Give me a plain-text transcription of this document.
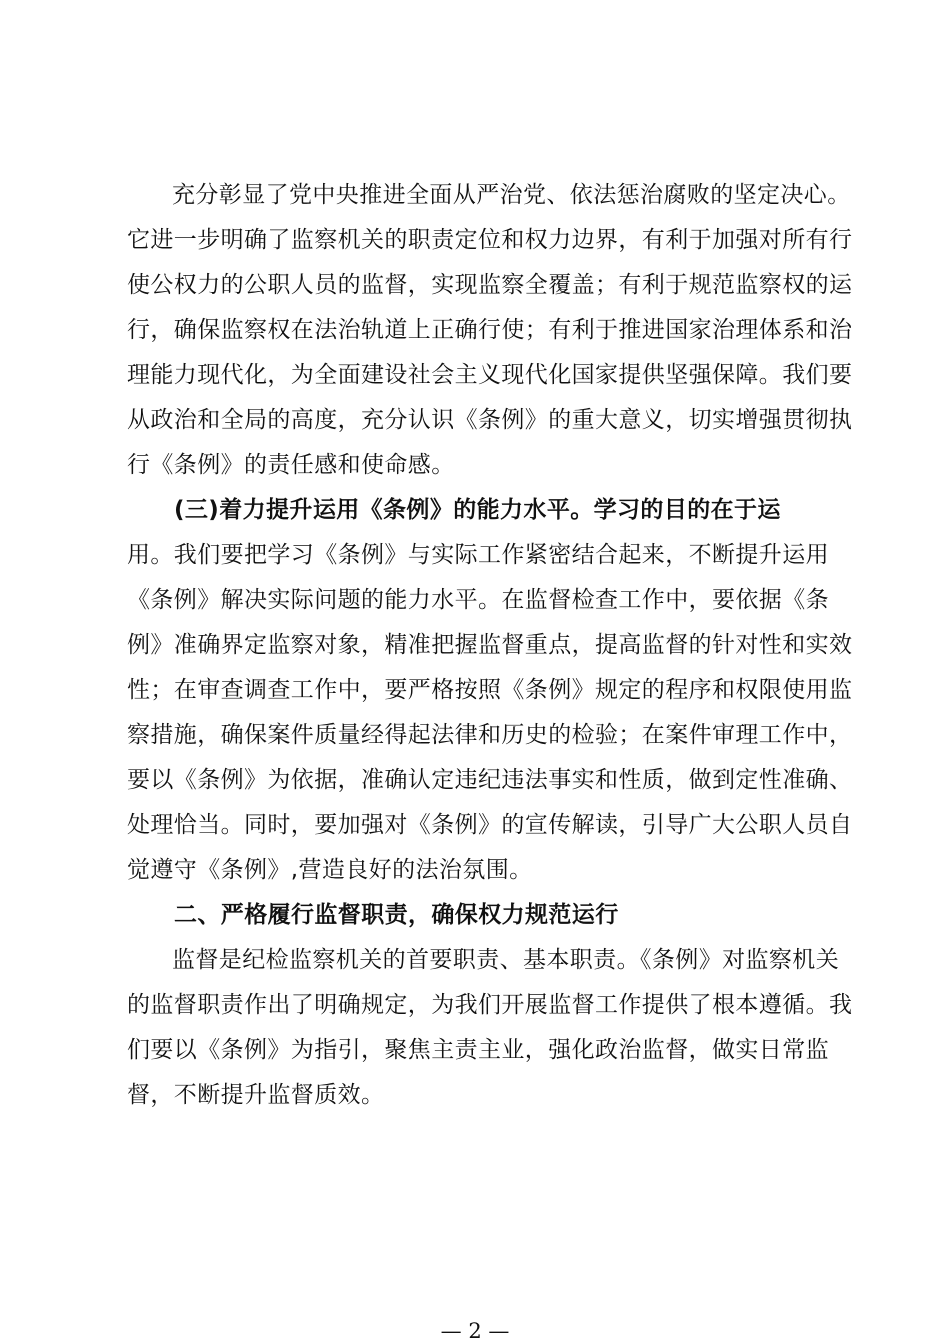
充分彰显了党中央推进全面从严治党、依法惩治腐败的坚定决心。
它进一步明确了监察机关的职责定位和权力边界，有利于加强对所有行
使公权力的公职人员的监督，实现监察全覆盖；有利于规范监察权的运
行，确保监察权在法治轨道上正确行使；有利于推进国家治理体系和治
理能力现代化，为全面建设社会主义现代化国家提供坚强保障。我们要
从政治和全局的高度，充分认识《条例》的重大意义，切实增强贯彻执
行《条例》的责任感和使命感。
(三)着力提升运用《条例》的能力水平。学习的目的在于运
用。我们要把学习《条例》与实际工作紧密结合起来，不断提升运用
《条例》解决实际问题的能力水平。在监督检查工作中，要依据《条
例》准确界定监察对象，精准把握监督重点，提高监督的针对性和实效
性；在审查调查工作中，要严格按照《条例》规定的程序和权限使用监
察措施，确保案件质量经得起法律和历史的检验；在案件审理工作中，
要以《条例》为依据，准确认定违纪违法事实和性质，做到定性准确、
处理恰当。同时，要加强对《条例》的宣传解读，引导广大公职人员自
觉遵守《条例》,营造良好的法治氛围。
二、严格履行监督职责，确保权力规范运行
监督是纪检监察机关的首要职责、基本职责。《条例》对监察机关
的监督职责作出了明确规定，为我们开展监督工作提供了根本遵循。我
们要以《条例》为指引，聚焦主责主业，强化政治监督，做实日常监
督，不断提升监督质效。
— 2 —
